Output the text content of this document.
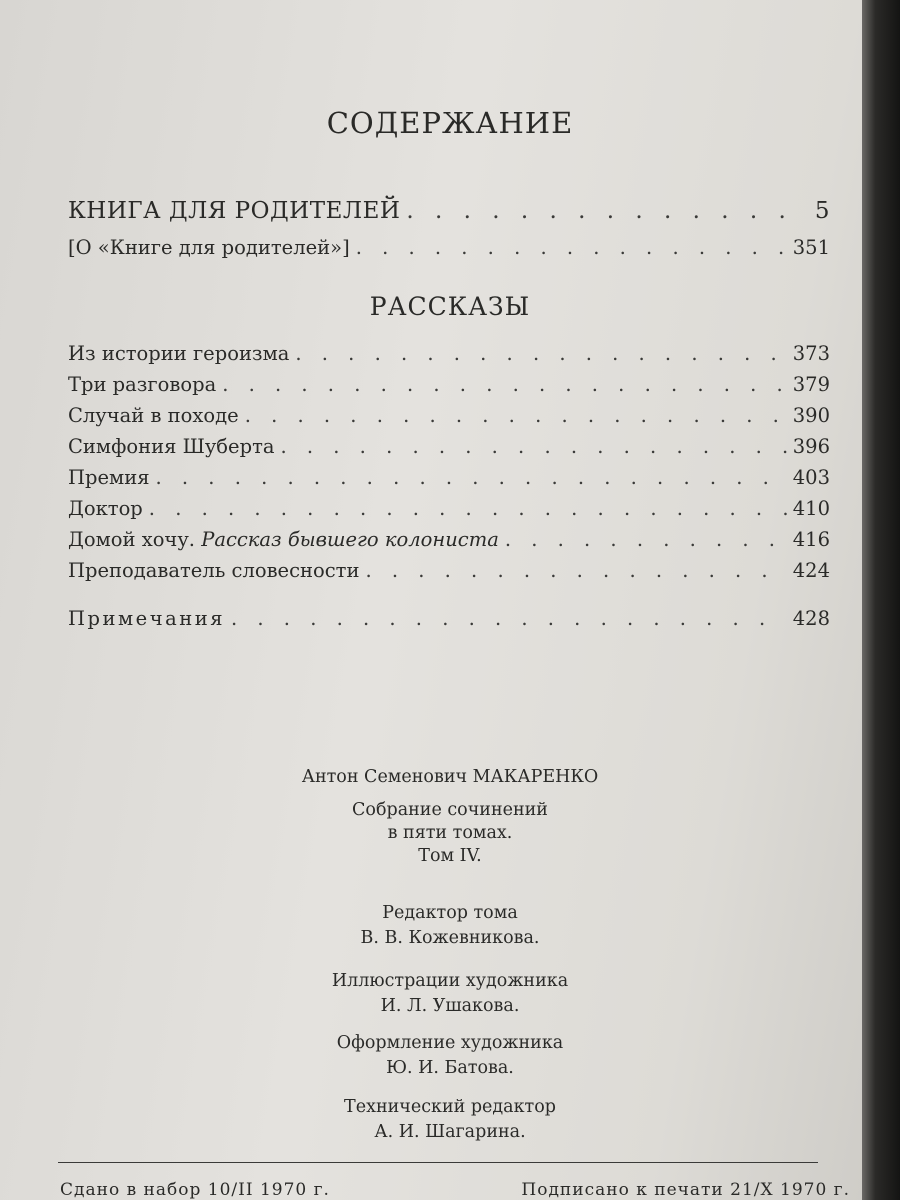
СОДЕРЖАНИЕ
КНИГА ДЛЯ РОДИТЕЛЕЙ . . .	5
[О «Книге для родителей»] . . .	351
РАССКАЗЫ
Из истории героизма . . .	373
Три разговора . . .	379
Случай в походе . . .	390
Симфония Шуберта . . .	396
Премия . . .	403
Доктор . . .	410
Домой хочу. Рассказ бывшего колониста . . .	416
Преподаватель словесности . . .	424
Примечания . . .	428
Антон Семенович МАКАРЕНКО
Собрание сочинений
в пяти томах.
Том IV.
Редактор тома
В. В. Кожевникова.
Иллюстрации художника
И. Л. Ушакова.
Оформление художника
Ю. И. Батова.
Технический редактор
А. И. Шагарина.
Сдано в набор 10/II 1970 г.	Подписано к печати 21/X 1970 г.
